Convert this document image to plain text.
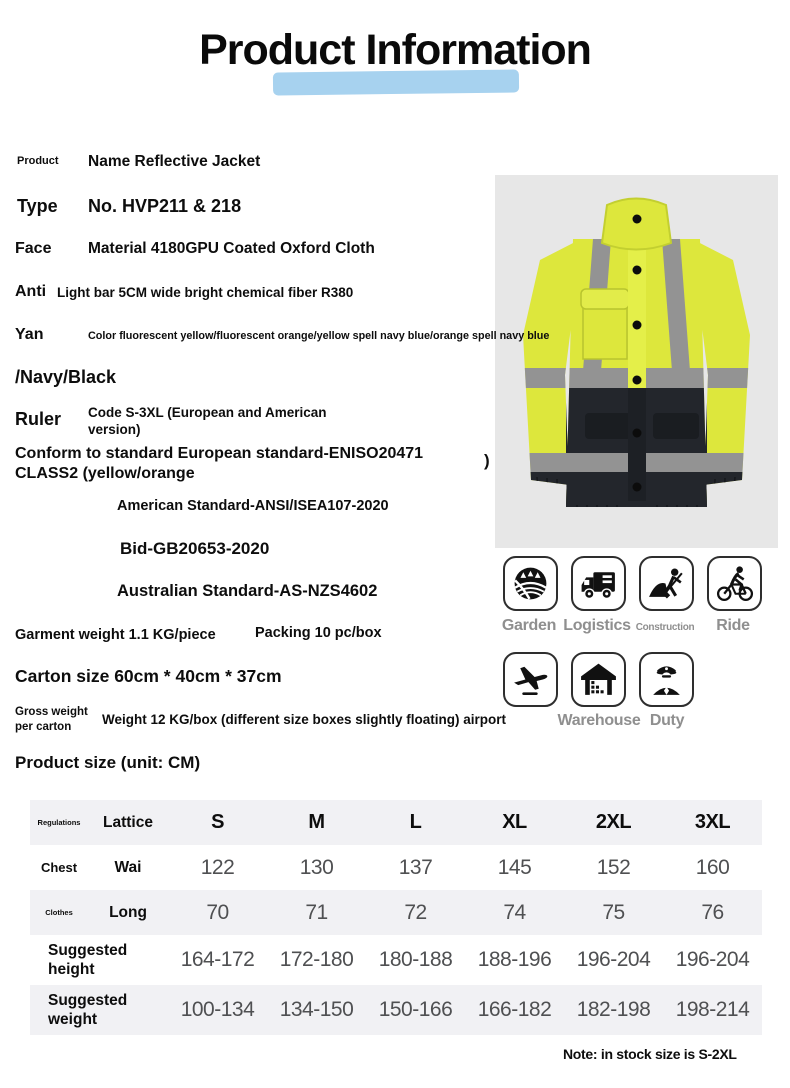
Product Information
Product Name Reflective Jacket
Type No. HVP211 & 218
Face Material 4180GPU Coated Oxford Cloth
Anti Light bar 5CM wide bright chemical fiber R380
Yan	Color fluorescent yellow/fluorescent orange/yellow spell navy blue/orange spell navy blue
/Navy/Black
Ruler Code S-3XL (European and American version)
Conform to standard European standard-ENISO20471 CLASS2 (yellow/orange
)
American Standard-ANSI/ISEA107-2020
Bid-GB20653-2020
Australian Standard-AS-NZS4602
Garment weight 1.1 KG/piece	Packing 10 pc/box
Carton size 60cm * 40cm * 37cm
Gross weight per carton	Weight 12 KG/box (different size boxes slightly floating) airport
Product size (unit: CM)
Garden Logistics Construction	Ride
Warehouse Duty
Regulations	Lattice	S	M	L	XL	2XL	3XL
Chest	Wai	122	130	137	145	152	160
Clothes	Long	70	71	72	74	75	76
Suggested height	164-172	172-180	180-188	188-196	196-204	196-204
Suggested weight	100-134	134-150	150-166	166-182	182-198	198-214
Note: in stock size is S-2XL
